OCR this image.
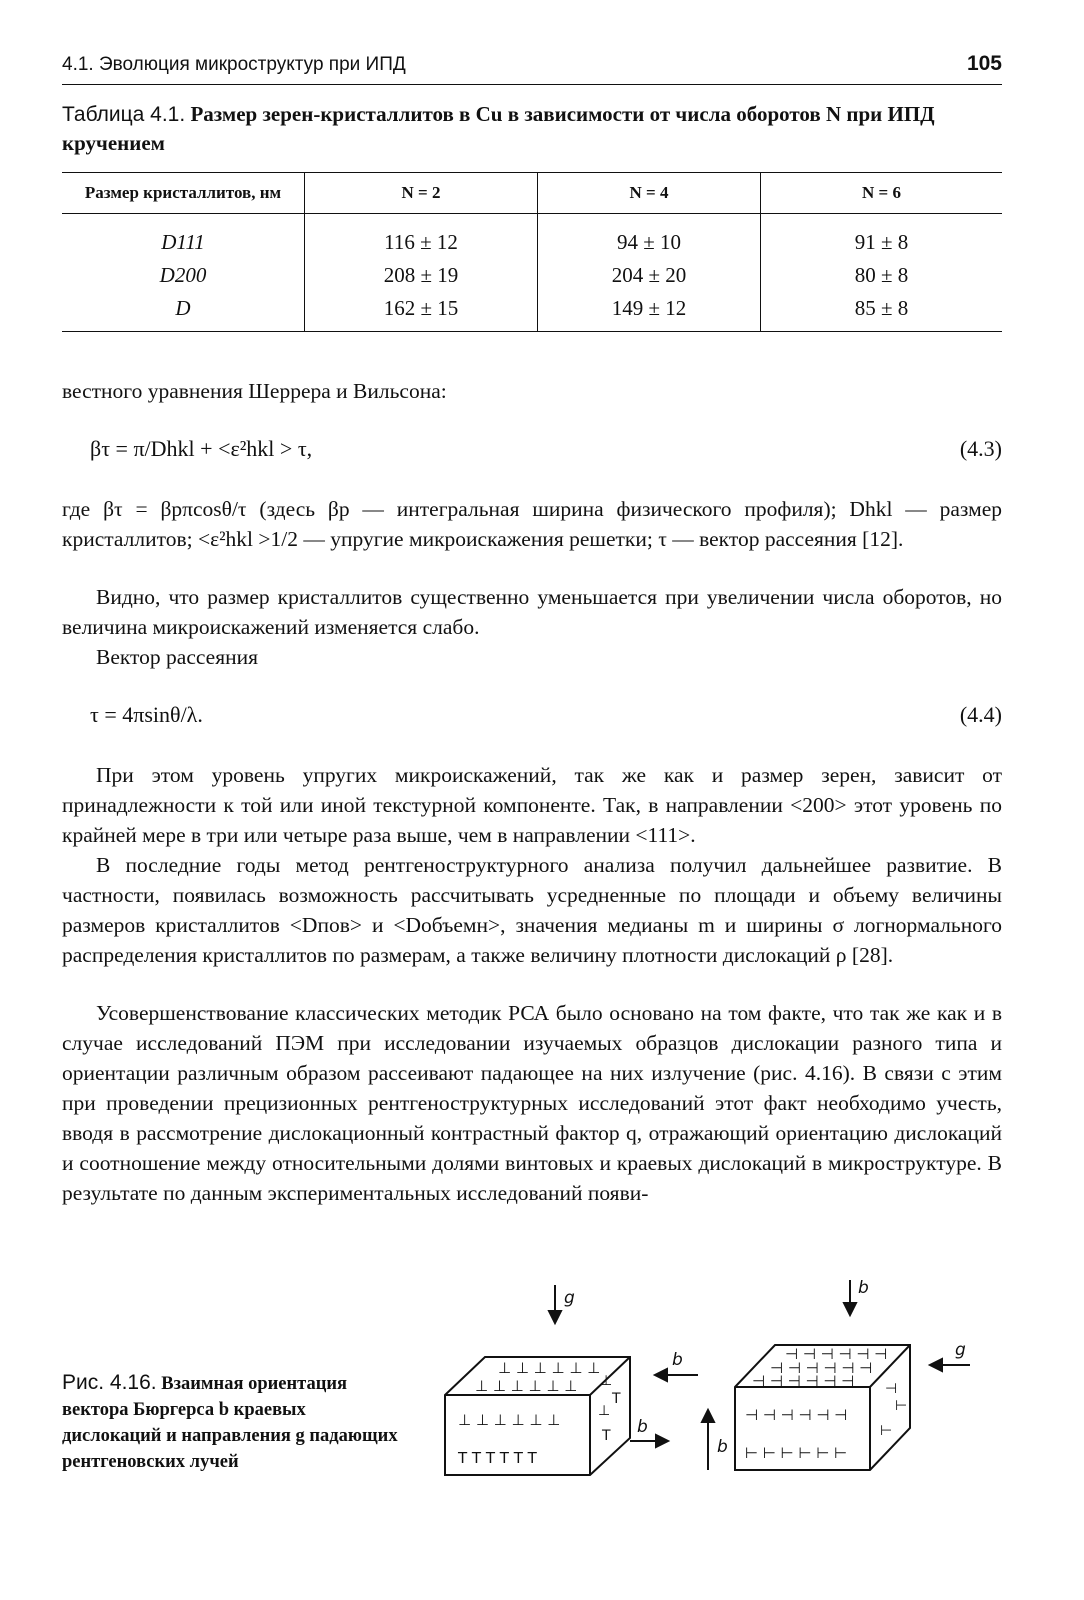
4.1. Эволюция микроструктур при ИПД	105
Таблица 4.1. Размер зерен-кристаллитов в Cu в зависимости от числа оборотов N при ИПД кручением
Размер кристаллитов, нм	N = 2	N = 4	N = 6
D111	116 ± 12	94 ± 10	91 ± 8
D200	208 ± 19	204 ± 20	80 ± 8
D	162 ± 15	149 ± 12	85 ± 8
вестного уравнения Шеррера и Вильсона:
βτ = π/Dhkl + <ε²hkl > τ,	(4.3)
где βτ = βpπcosθ/τ (здесь βp — интегральная ширина физического профиля); Dhkl — размер кристаллитов; <ε²hkl >1/2 — упругие микроискажения решетки; τ — вектор рассеяния [12].
Видно, что размер кристаллитов существенно уменьшается при увеличении числа оборотов, но величина микроискажений изменяется слабо.
Вектор рассеяния
τ = 4πsinθ/λ.	(4.4)
При этом уровень упругих микроискажений, так же как и размер зерен, зависит от принадлежности к той или иной текстурной компоненте. Так, в направлении <200> этот уровень по крайней мере в три или четыре раза выше, чем в направлении <111>.
В последние годы метод рентгеноструктурного анализа получил дальнейшее развитие. В частности, появилась возможность рассчитывать усредненные по площади и объему величины размеров кристаллитов <Dпов> и <Dобъемн>, значения медианы m и ширины σ логнормального распределения кристаллитов по размерам, а также величину плотности дислокаций ρ [28].
Усовершенствование классических методик РСА было основано на том факте, что так же как и в случае исследований ПЭМ при исследовании изучаемых образцов дислокации разного типа и ориентации различным образом рассеивают падающее на них излучение (рис. 4.16). В связи с этим при проведении прецизионных рентгеноструктурных исследований этот факт необходимо учесть, вводя в рассмотрение дислокационный контрастный фактор q, отражающий ориентацию дислокаций и соотношение между относительными долями винтовых и краевых дислокаций в микроструктуре. В результате по данным экспериментальных исследований появи-
Рис. 4.16. Взаимная ориентация вектора Бюргерса b краевых дислокаций и направления g падающих рентгеновских лучей
g
b
b
b
g
b
⊥ ⊥ ⊥ ⊥ ⊥ ⊥
⊥ ⊥ ⊥ ⊥ ⊥ ⊥
⊥ ⊥ ⊥ ⊥ ⊥ ⊥
T T T T T T
⊣ ⊣ ⊣ ⊣ ⊣ ⊣
⊣ ⊣ ⊣ ⊣ ⊣ ⊣
⊣ ⊣ ⊣ ⊣ ⊣ ⊣
⊣ ⊣ ⊣ ⊣ ⊣ ⊣
⊢ ⊢ ⊢ ⊢ ⊢ ⊢
⊥
⊥
T
T
⊣
⊢
⊢
